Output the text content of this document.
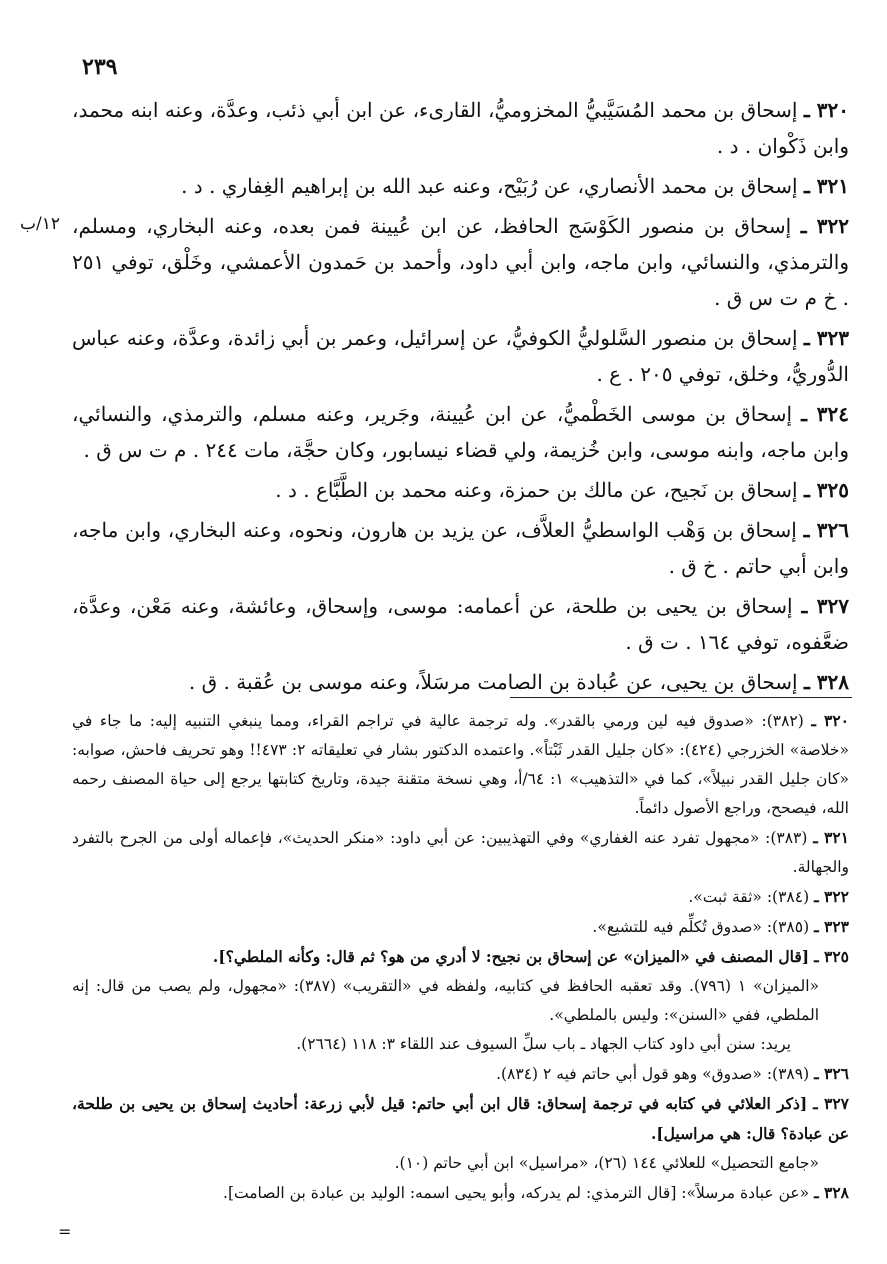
٢٣٩

٣٢٠ ـ إسحاق بن محمد المُسَيَّبيُّ المخزوميُّ، القارىء، عن ابن أبي ذئب، وعدَّة، وعنه ابنه محمد، وابن ذَكْوان . د .

٣٢١ ـ إسحاق بن محمد الأنصاري، عن رُبَيْح، وعنه عبد الله بن إبراهيم الغِفاري . د .

٣٢٢ ـ إسحاق بن منصور الكَوْسَج الحافظ، عن ابن عُيينة فمن بعده، وعنه البخاري، ومسلم، والترمذي، والنسائي، وابن ماجه، وابن أبي داود، وأحمد بن حَمدون الأعمشي، وخَلْق، توفي ٢٥١ . خ م ت س ق .

٣٢٣ ـ إسحاق بن منصور السَّلوليُّ الكوفيُّ، عن إسرائيل، وعمر بن أبي زائدة، وعدَّة، وعنه عباس الدُّوريُّ، وخلق، توفي ٢٠٥ . ع .

٣٢٤ ـ إسحاق بن موسى الخَطْميُّ، عن ابن عُيينة، وجَرير، وعنه مسلم، والترمذي، والنسائي، وابن ماجه، وابنه موسى، وابن خُزيمة، ولي قضاء نيسابور، وكان حجَّة، مات ٢٤٤ . م ت س ق .

٣٢٥ ـ إسحاق بن نَجيح، عن مالك بن حمزة، وعنه محمد بن الطَّبَّاع . د .

٣٢٦ ـ إسحاق بن وَهْب الواسطيُّ العلاَّف، عن يزيد بن هارون، ونحوه، وعنه البخاري، وابن ماجه، وابن أبي حاتم . خ ق .

٣٢٧ ـ إسحاق بن يحيى بن طلحة، عن أعمامه: موسى، وإسحاق، وعائشة، وعنه مَعْن، وعدَّة، ضعَّفوه، توفي ١٦٤ . ت ق .

٣٢٨ ـ إسحاق بن يحيى، عن عُبادة بن الصامت مرسَلاً، وعنه موسى بن عُقبة . ق .

١٢/ب

٣٢٠ ـ (٣٨٢): «صدوق فيه لين ورمي بالقدر». وله ترجمة عالية في تراجم القراء، ومما ينبغي التنبيه إليه: ما جاء في «خلاصة» الخزرجي (٤٢٤): «كان جليل القدر ثَبْتاً». واعتمده الدكتور بشار في تعليقاته ٢: ٤٧٣!! وهو تحريف فاحش، صوابه: «كان جليل القدر نبيلاً»، كما في «التذهيب» ١: ٦٤/أ، وهي نسخة متقنة جيدة، وتاريخ كتابتها يرجع إلى حياة المصنف رحمه الله، فيصحح، وراجع الأصول دائماً.

٣٢١ ـ (٣٨٣): «مجهول تفرد عنه الغفاري» وفي التهذيبين: عن أبي داود: «منكر الحديث»، فإعماله أولى من الجرح بالتفرد والجهالة.

٣٢٢ ـ (٣٨٤): «ثقة ثبت».

٣٢٣ ـ (٣٨٥): «صدوق تُكلِّم فيه للتشيع».

٣٢٥ ـ [قال المصنف في «الميزان» عن إسحاق بن نجيح: لا أدري من هو؟ ثم قال: وكأنه الملطي؟].

«الميزان» ١ (٧٩٦). وقد تعقبه الحافظ في كتابيه، ولفظه في «التقريب» (٣٨٧): «مجهول، ولم يصب من قال: إنه الملطي، ففي «السنن»: وليس بالملطي».

يريد: سنن أبي داود كتاب الجهاد ـ باب سلِّ السيوف عند اللقاء ٣: ١١٨ (٢٦٦٤).

٣٢٦ ـ (٣٨٩): «صدوق» وهو قول أبي حاتم فيه ٢ (٨٣٤).

٣٢٧ ـ [ذكر العلائي في كتابه في ترجمة إسحاق: قال ابن أبي حاتم: قيل لأبي زرعة: أحاديث إسحاق بن يحيى بن طلحة، عن عبادة؟ قال: هي مراسيل].

«جامع التحصيل» للعلائي ١٤٤ (٢٦)، «مراسيل» ابن أبي حاتم (١٠).

٣٢٨ ـ «عن عبادة مرسلاً»: [قال الترمذي: لم يدركه، وأبو يحيى اسمه: الوليد بن عبادة بن الصامت].

=
